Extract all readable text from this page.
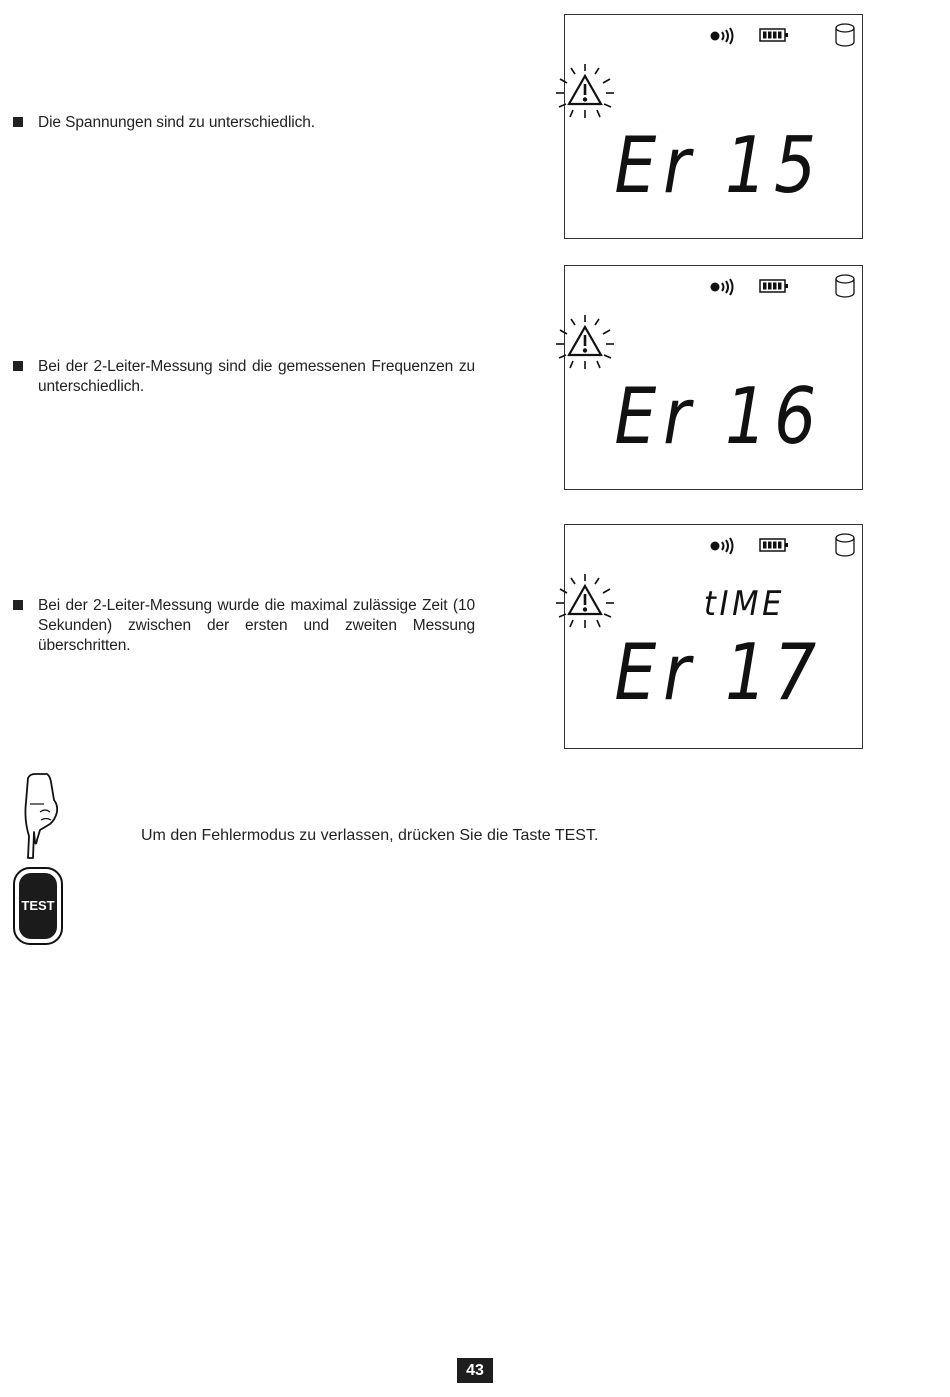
Die Spannungen sind zu unterschiedlich.	Er 15
Bei der 2-Leiter-Messung sind die gemessenen Frequenzen zu unterschiedlich.	Er 16
Bei der 2-Leiter-Messung wurde die maximal zulässige Zeit (10 Sekunden) zwischen der ersten und zweiten Messung überschritten.
tIME
Er 17
TEST
Um den Fehlermodus zu verlassen, drücken Sie die Taste TEST.
43
